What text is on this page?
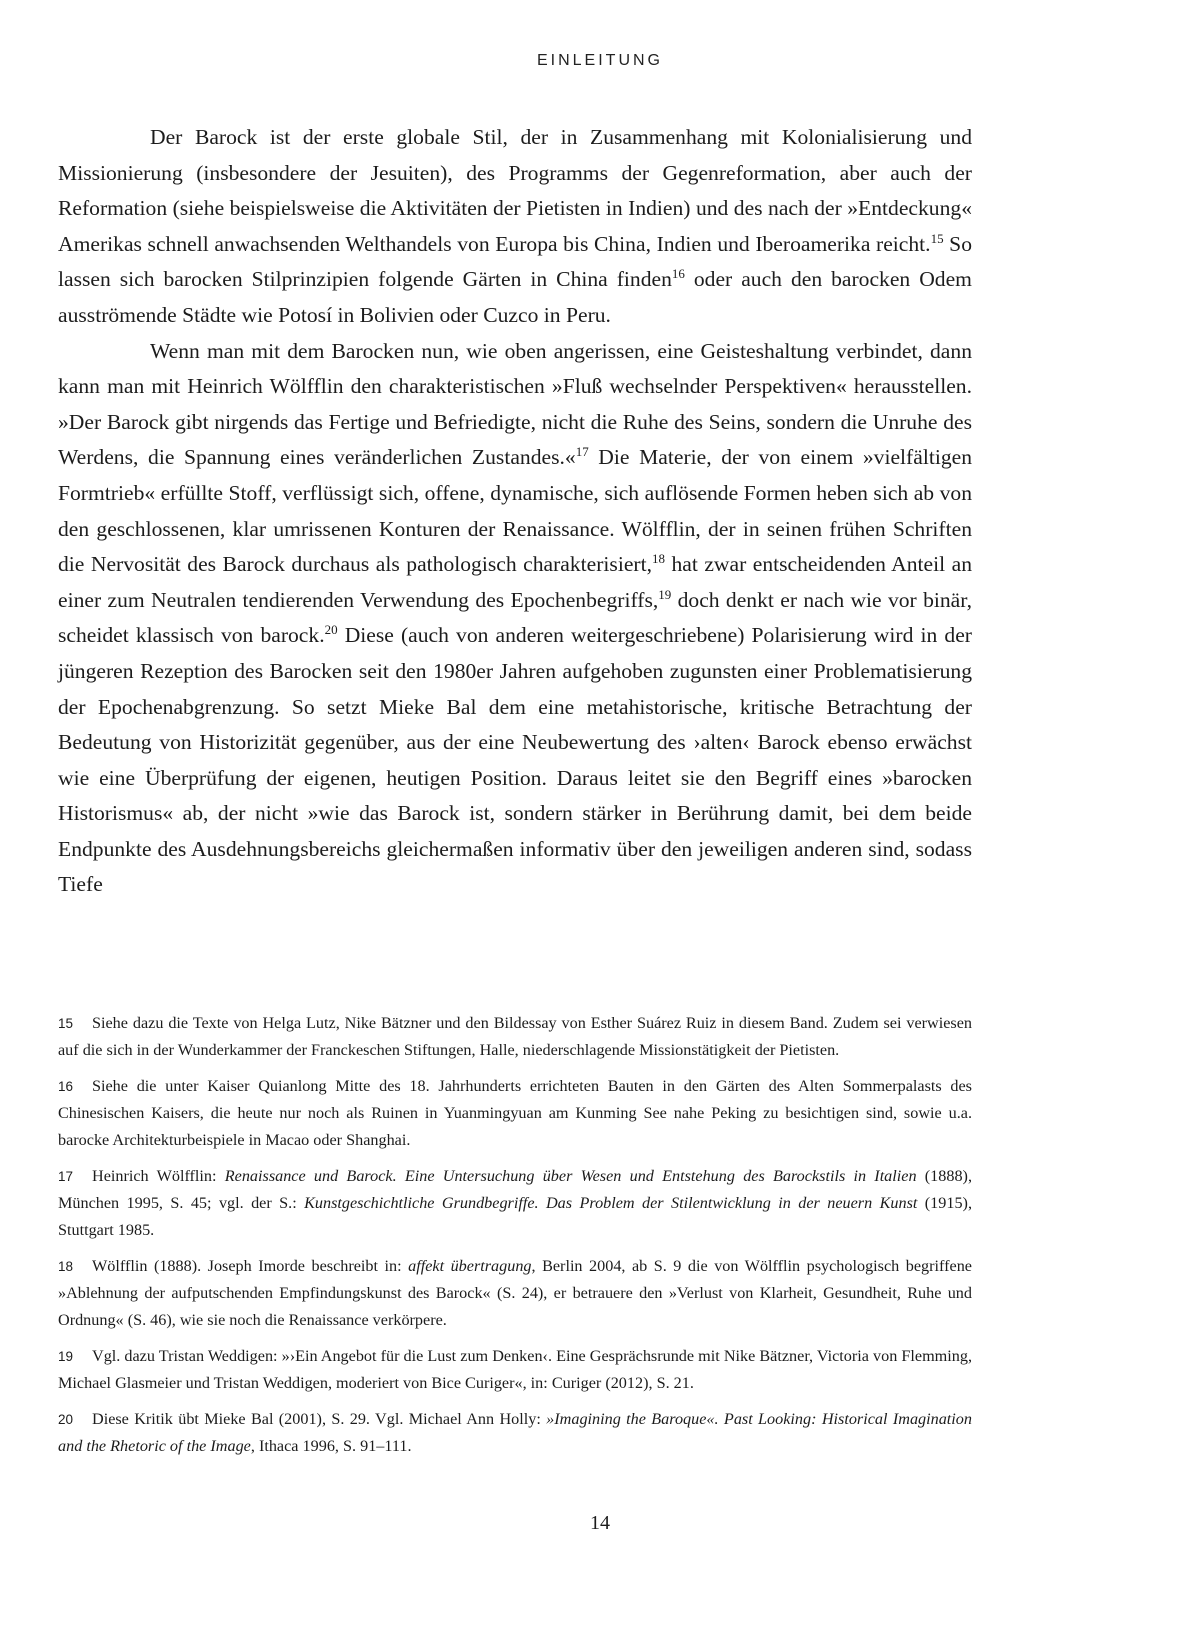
EINLEITUNG

Der Barock ist der erste globale Stil, der in Zusammenhang mit Kolonialisierung und Missionierung (insbesondere der Jesuiten), des Programms der Gegenreformation, aber auch der Reformation (siehe beispielsweise die Aktivitäten der Pietisten in Indien) und des nach der »Entdeckung« Amerikas schnell anwachsenden Welthandels von Europa bis China, Indien und Iberoamerika reicht.$^{15}$ So lassen sich barocken Stilprinzipien folgende Gärten in China finden$^{16}$ oder auch den barocken Odem ausströmende Städte wie Potosí in Bolivien oder Cuzco in Peru.

Wenn man mit dem Barocken nun, wie oben angerissen, eine Geisteshaltung verbindet, dann kann man mit Heinrich Wölfflin den charakteristischen »Fluß wechselnder Perspektiven« herausstellen. »Der Barock gibt nirgends das Fertige und Befriedigte, nicht die Ruhe des Seins, sondern die Unruhe des Werdens, die Spannung eines veränderlichen Zustandes.«$^{17}$ Die Materie, der von einem »vielfältigen Formtrieb« erfüllte Stoff, verflüssigt sich, offene, dynamische, sich auflösende Formen heben sich ab von den geschlossenen, klar umrissenen Konturen der Renaissance. Wölfflin, der in seinen frühen Schriften die Nervosität des Barock durchaus als pathologisch charakterisiert,$^{18}$ hat zwar entscheidenden Anteil an einer zum Neutralen tendierenden Verwendung des Epochenbegriffs,$^{19}$ doch denkt er nach wie vor binär, scheidet klassisch von barock.$^{20}$ Diese (auch von anderen weitergeschriebene) Polarisierung wird in der jüngeren Rezeption des Barocken seit den 1980er Jahren aufgehoben zugunsten einer Problematisierung der Epochenabgrenzung. So setzt Mieke Bal dem eine metahistorische, kritische Betrachtung der Bedeutung von Historizität gegenüber, aus der eine Neubewertung des ›alten‹ Barock ebenso erwächst wie eine Überprüfung der eigenen, heutigen Position. Daraus leitet sie den Begriff eines »barocken Historismus« ab, der nicht »wie das Barock ist, sondern stärker in Berührung damit, bei dem beide Endpunkte des Ausdehnungsbereichs gleichermaßen informativ über den jeweiligen anderen sind, sodass Tiefe

15 Siehe dazu die Texte von Helga Lutz, Nike Bätzner und den Bildessay von Esther Suárez Ruiz in diesem Band. Zudem sei verwiesen auf die sich in der Wunderkammer der Franckeschen Stiftungen, Halle, niederschlagende Missionstätigkeit der Pietisten.
16 Siehe die unter Kaiser Quianlong Mitte des 18. Jahrhunderts errichteten Bauten in den Gärten des Alten Sommerpalasts des Chinesischen Kaisers, die heute nur noch als Ruinen in Yuanmingyuan am Kunming See nahe Peking zu besichtigen sind, sowie u.a. barocke Architekturbeispiele in Macao oder Shanghai.
17 Heinrich Wölfflin: Renaissance und Barock. Eine Untersuchung über Wesen und Entstehung des Barockstils in Italien (1888), München 1995, S. 45; vgl. der S.: Kunstgeschichtliche Grundbegriffe. Das Problem der Stilentwicklung in der neuern Kunst (1915), Stuttgart 1985.
18 Wölfflin (1888). Joseph Imorde beschreibt in: affekt übertragung, Berlin 2004, ab S. 9 die von Wölfflin psychologisch begriffene »Ablehnung der aufputschenden Empfindungskunst des Barock« (S. 24), er betrauere den »Verlust von Klarheit, Gesundheit, Ruhe und Ordnung« (S. 46), wie sie noch die Renaissance verkörpere.
19 Vgl. dazu Tristan Weddigen: »›Ein Angebot für die Lust zum Denken‹. Eine Gesprächsrunde mit Nike Bätzner, Victoria von Flemming, Michael Glasmeier und Tristan Weddigen, moderiert von Bice Curiger«, in: Curiger (2012), S. 21.
20 Diese Kritik übt Mieke Bal (2001), S. 29. Vgl. Michael Ann Holly: »Imagining the Baroque«. Past Looking: Historical Imagination and the Rhetoric of the Image, Ithaca 1996, S. 91–111.
14
